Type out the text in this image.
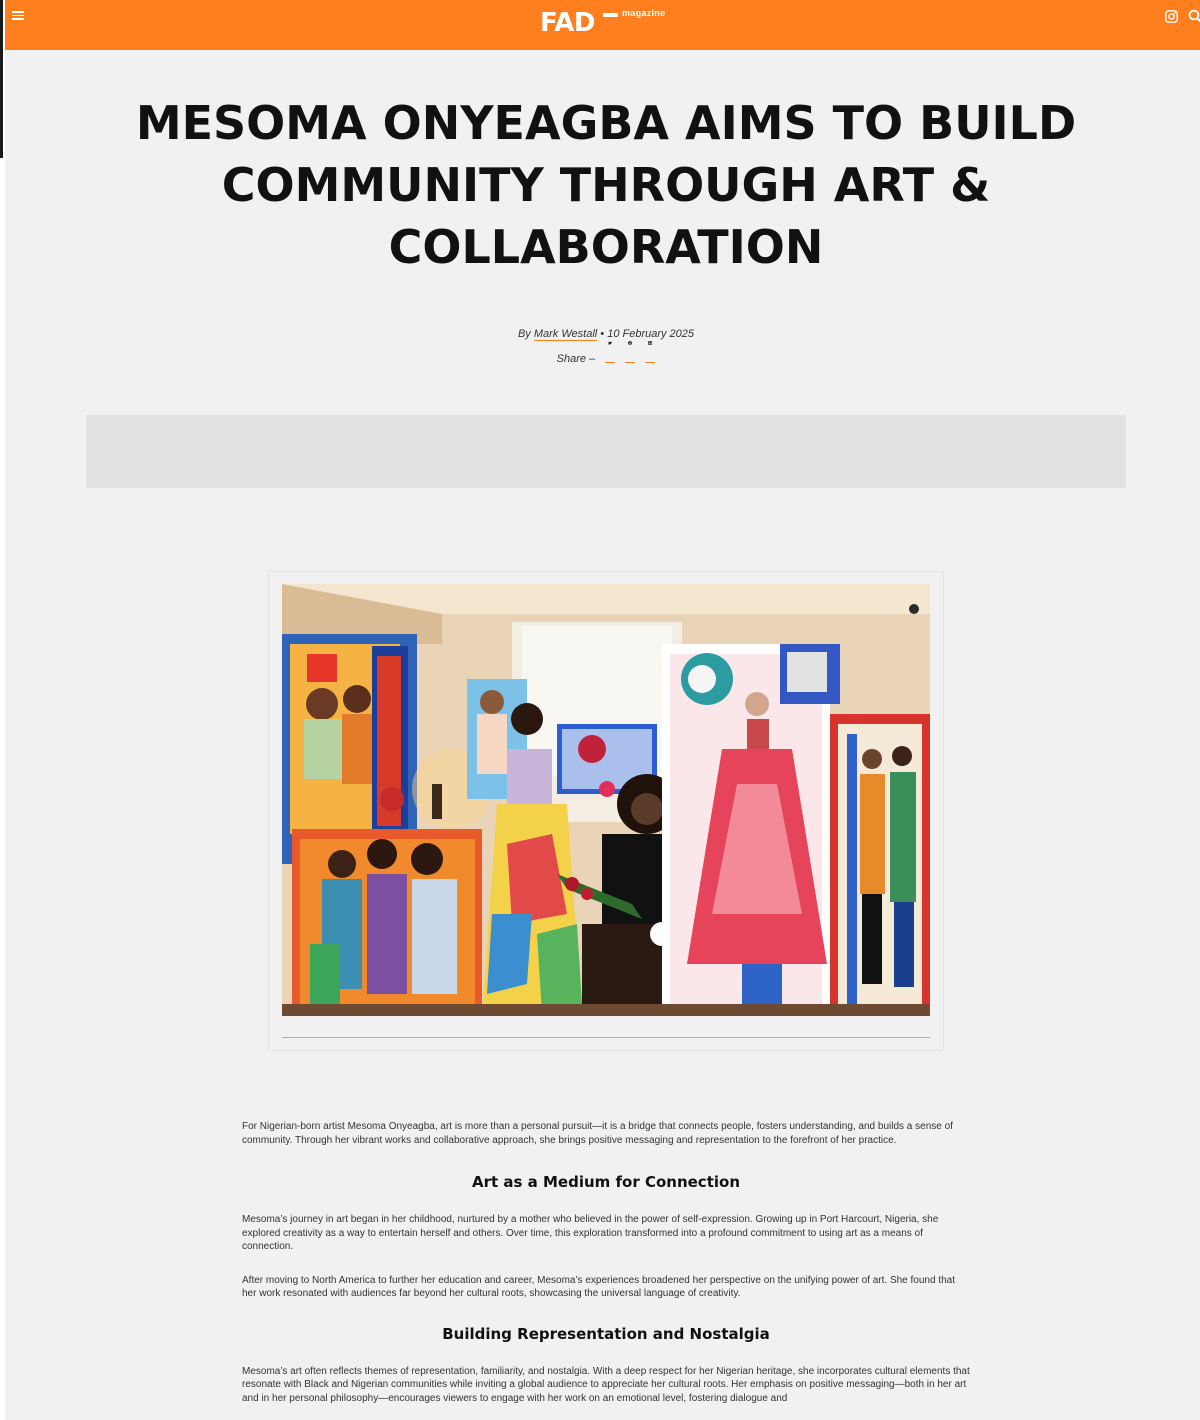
FAD	magazine
MESOMA ONYEAGBA AIMS TO BUILD COMMUNITY THROUGH ART & COLLABORATION
By Mark Westall • 10 February 2025
Share –

For Nigerian-born artist Mesoma Onyeagba, art is more than a personal pursuit—it is a bridge that connects people, fosters understanding, and builds a sense of community. Through her vibrant works and collaborative approach, she brings positive messaging and representation to the forefront of her practice.

Art as a Medium for Connection

Mesoma’s journey in art began in her childhood, nurtured by a mother who believed in the power of self-expression. Growing up in Port Harcourt, Nigeria, she explored creativity as a way to entertain herself and others. Over time, this exploration transformed into a profound commitment to using art as a means of connection.

After moving to North America to further her education and career, Mesoma’s experiences broadened her perspective on the unifying power of art. She found that her work resonated with audiences far beyond her cultural roots, showcasing the universal language of creativity.

Building Representation and Nostalgia

Mesoma’s art often reflects themes of representation, familiarity, and nostalgia. With a deep respect for her Nigerian heritage, she incorporates cultural elements that resonate with Black and Nigerian communities while inviting a global audience to appreciate her cultural roots. Her emphasis on positive messaging—both in her art and in her personal philosophy—encourages viewers to engage with her work on an emotional level, fostering dialogue and
